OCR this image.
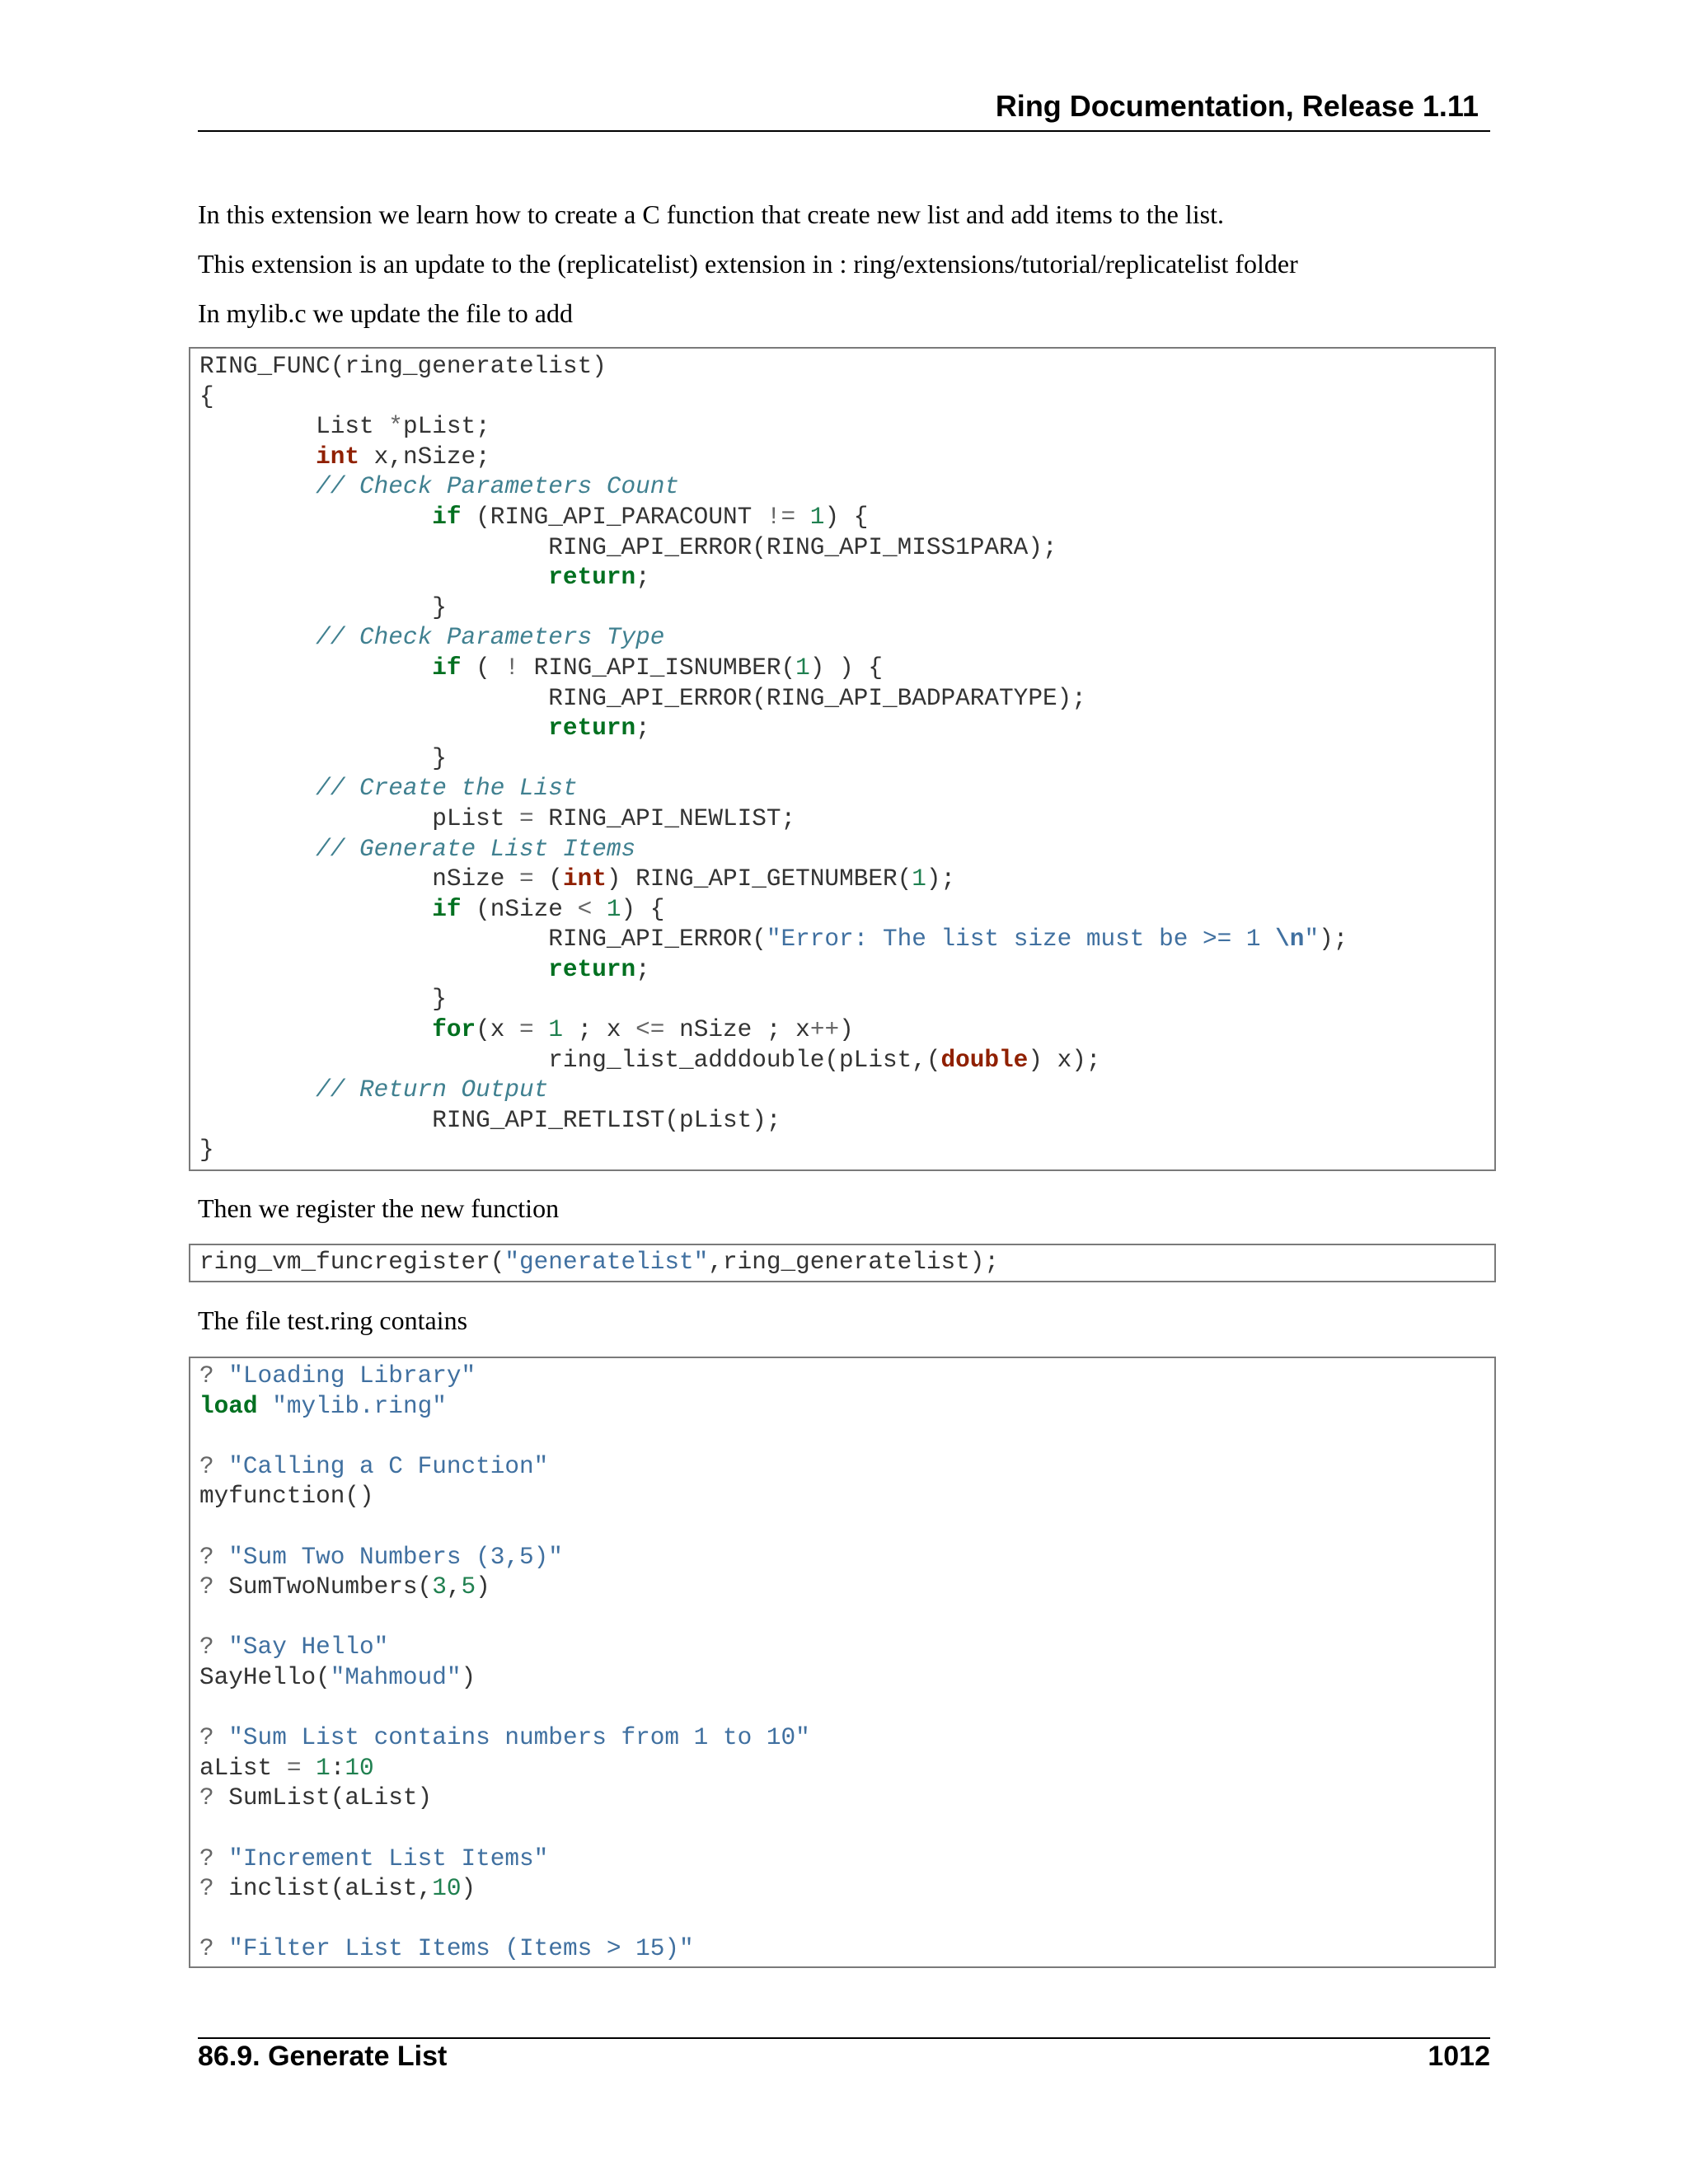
Ring Documentation, Release 1.11
In this extension we learn how to create a C function that create new list and add items to the list.
This extension is an update to the (replicatelist) extension in : ring/extensions/tutorial/replicatelist folder
In mylib.c we update the file to add
RING_FUNC(ring_generatelist)
{
List *pList;
int x,nSize;
// Check Parameters Count
if (RING_API_PARACOUNT != 1) {
RING_API_ERROR(RING_API_MISS1PARA);
return;
}
// Check Parameters Type
if ( ! RING_API_ISNUMBER(1) ) {
RING_API_ERROR(RING_API_BADPARATYPE);
return;
}
// Create the List
pList = RING_API_NEWLIST;
// Generate List Items
nSize = (int) RING_API_GETNUMBER(1);
if (nSize < 1) {
RING_API_ERROR("Error: The list size must be >= 1 \n");
return;
}
for(x = 1 ; x <= nSize ; x++)
ring_list_adddouble(pList,(double) x);
// Return Output
RING_API_RETLIST(pList);
}
Then we register the new function
ring_vm_funcregister("generatelist",ring_generatelist);
The file test.ring contains
? "Loading Library"
load "mylib.ring"

? "Calling a C Function"
myfunction()

? "Sum Two Numbers (3,5)"
? SumTwoNumbers(3,5)

? "Say Hello"
SayHello("Mahmoud")

? "Sum List contains numbers from 1 to 10"
aList = 1:10
? SumList(aList)

? "Increment List Items"
? inclist(aList,10)

? "Filter List Items (Items > 15)"
86.9. Generate List	1012
